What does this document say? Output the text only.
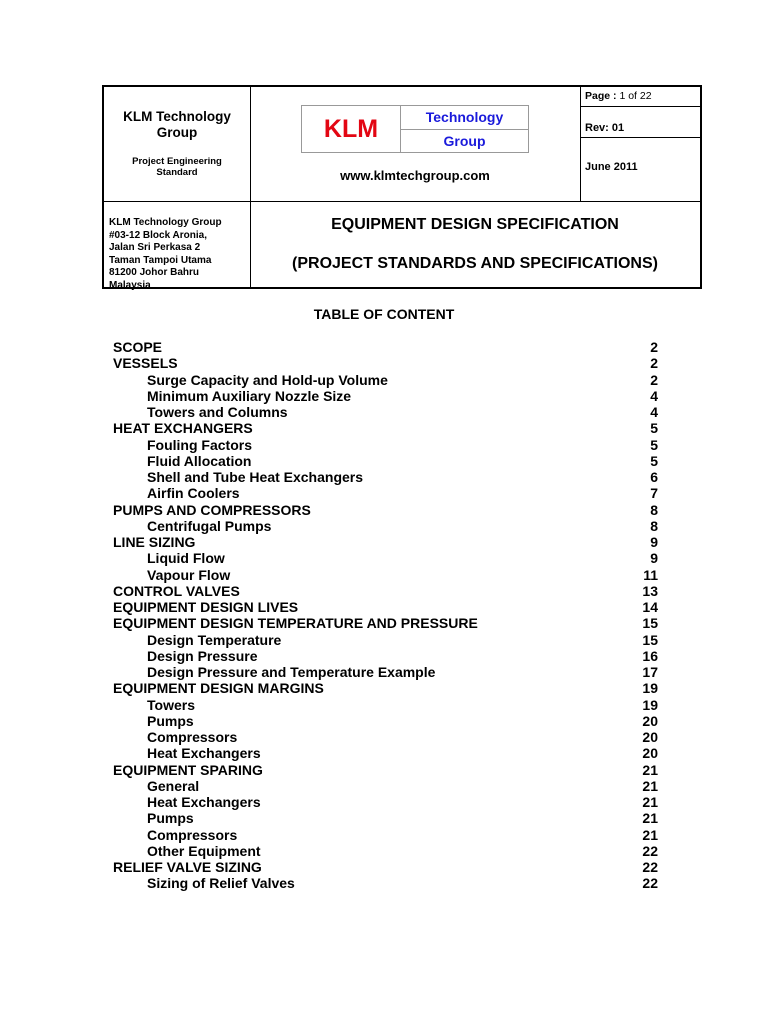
KLM Technology Group
Project Engineering Standard
KLM	Technology
Group
www.klmtechgroup.com
Page : 1 of 22
Rev: 01
June 2011
KLM Technology Group
#03-12 Block Aronia,
Jalan Sri Perkasa 2
Taman Tampoi Utama
81200 Johor Bahru
Malaysia
EQUIPMENT DESIGN SPECIFICATION
(PROJECT STANDARDS AND SPECIFICATIONS)
TABLE OF CONTENT
SCOPE	2
VESSELS	2
Surge Capacity and Hold-up Volume	2
Minimum Auxiliary Nozzle Size	4
Towers and Columns	4
HEAT EXCHANGERS	5
Fouling Factors	5
Fluid Allocation	5
Shell and Tube Heat Exchangers	6
Airfin Coolers	7
PUMPS AND COMPRESSORS	8
Centrifugal Pumps	8
LINE SIZING	9
Liquid Flow	9
Vapour Flow	11
CONTROL VALVES	13
EQUIPMENT DESIGN LIVES	14
EQUIPMENT DESIGN TEMPERATURE AND PRESSURE	15
Design Temperature	15
Design Pressure	16
Design Pressure and Temperature Example	17
EQUIPMENT DESIGN MARGINS	19
Towers	19
Pumps	20
Compressors	20
Heat Exchangers	20
EQUIPMENT SPARING	21
General	21
Heat Exchangers	21
Pumps	21
Compressors	21
Other Equipment	22
RELIEF VALVE SIZING	22
Sizing of Relief Valves	22
